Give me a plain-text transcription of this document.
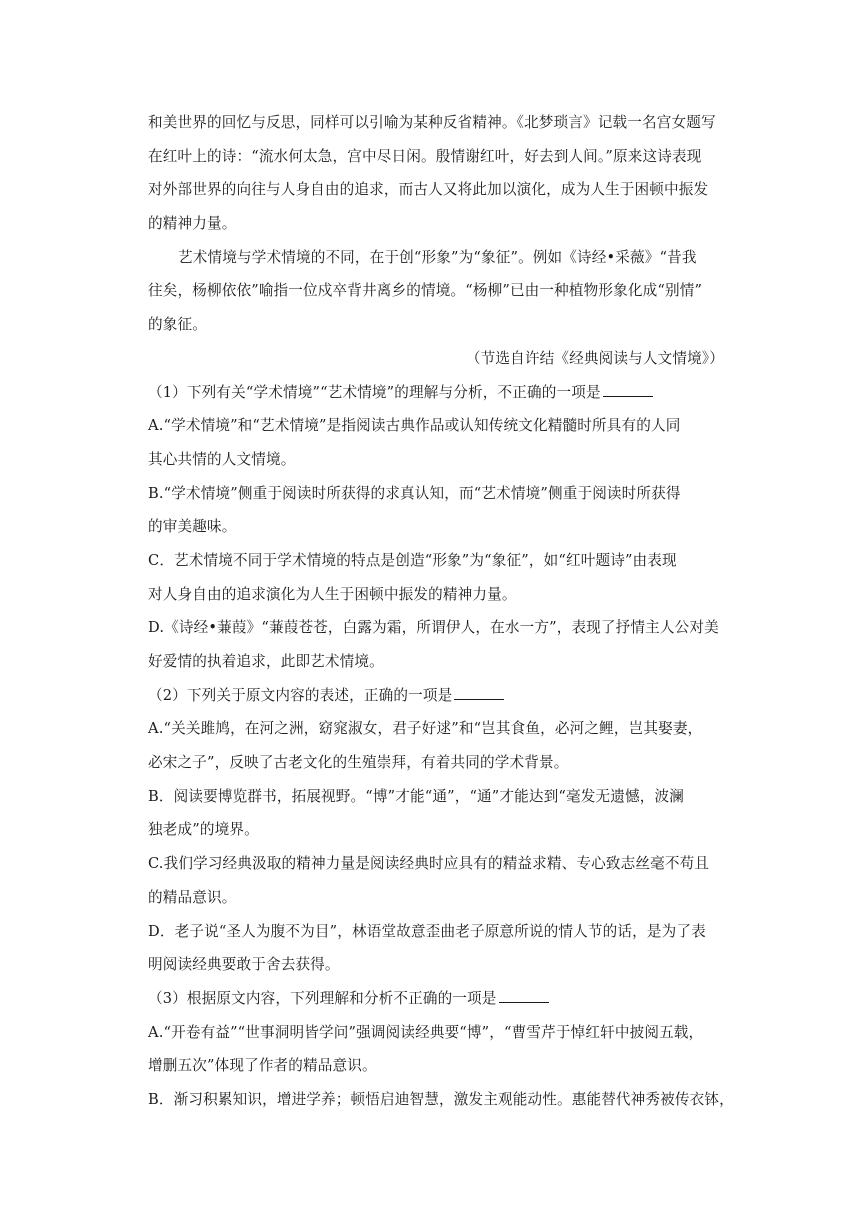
和美世界的回忆与反思，同样可以引喻为某种反省精神。《北梦琐言》记载一名宫女题写
在红叶上的诗：“流水何太急，宫中尽日闲。殷情谢红叶，好去到人间。”原来这诗表现
对外部世界的向往与人身自由的追求，而古人又将此加以演化，成为人生于困顿中振发
的精神力量。
艺术情境与学术情境的不同，在于创“形象”为“象征”。例如《诗经•采薇》“昔我
往矣，杨柳依依”喻指一位戍卒背井离乡的情境。“杨柳”已由一种植物形象化成“别情”
的象征。
（节选自许结《经典阅读与人文情境》）
（1）下列有关“学术情境”“艺术情境”的理解与分析，不正确的一项是
A.“学术情境”和“艺术情境”是指阅读古典作品或认知传统文化精髓时所具有的人同
其心共情的人文情境。
B.“学术情境”侧重于阅读时所获得的求真认知，而“艺术情境”侧重于阅读时所获得
的审美趣味。
C．艺术情境不同于学术情境的特点是创造“形象”为“象征”，如“红叶题诗”由表现
对人身自由的追求演化为人生于困顿中振发的精神力量。
D.《诗经•蒹葭》“蒹葭苍苍，白露为霜，所谓伊人，在水一方”，表现了抒情主人公对美
好爱情的执着追求，此即艺术情境。
（2）下列关于原文内容的表述，正确的一项是
A.“关关雎鸠，在河之洲，窈窕淑女，君子好逑”和“岂其食鱼，必河之鲤，岂其娶妻，
必宋之子”，反映了古老文化的生殖崇拜，有着共同的学术背景。
B．阅读要博览群书，拓展视野。“博”才能“通”，“通”才能达到“毫发无遗憾，波澜
独老成”的境界。
C.我们学习经典汲取的精神力量是阅读经典时应具有的精益求精、专心致志丝毫不苟且
的精品意识。
D．老子说“圣人为腹不为目”，林语堂故意歪曲老子原意所说的情人节的话，是为了表
明阅读经典要敢于舍去获得。
（3）根据原文内容，下列理解和分析不正确的一项是
A.“开卷有益”“世事洞明皆学问”强调阅读经典要“博”，“曹雪芹于悼红轩中披阅五载，
增删五次”体现了作者的精品意识。
B．渐习积累知识，增进学养；顿悟启迪智慧，激发主观能动性。惠能替代神秀被传衣钵，
